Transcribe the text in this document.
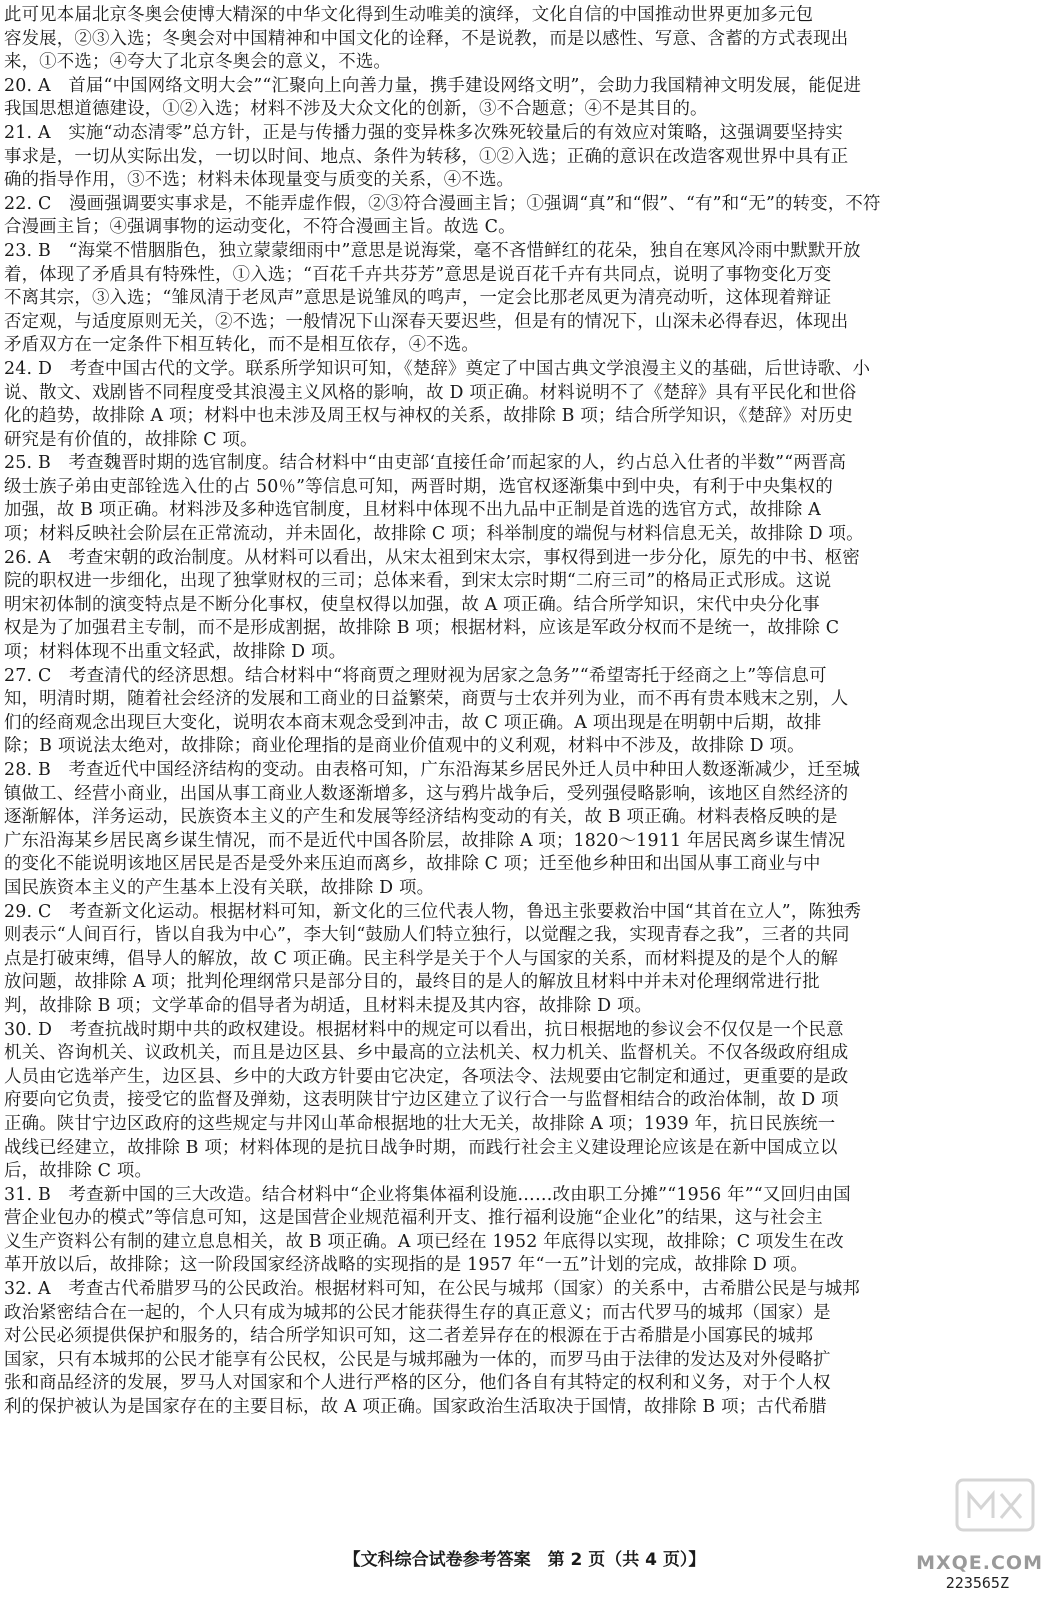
此可见本届北京冬奥会使博大精深的中华文化得到生动唯美的演绎，文化自信的中国推动世界更加多元包
容发展，②③入选；冬奥会对中国精神和中国文化的诠释，不是说教，而是以感性、写意、含蓄的方式表现出
来，①不选；④夸大了北京冬奥会的意义，不选。
20. A　首届“中国网络文明大会”“汇聚向上向善力量，携手建设网络文明”，会助力我国精神文明发展，能促进
我国思想道德建设，①②入选；材料不涉及大众文化的创新，③不合题意；④不是其目的。
21. A　实施“动态清零”总方针，正是与传播力强的变异株多次殊死较量后的有效应对策略，这强调要坚持实
事求是，一切从实际出发，一切以时间、地点、条件为转移，①②入选；正确的意识在改造客观世界中具有正
确的指导作用，③不选；材料未体现量变与质变的关系，④不选。
22. C　漫画强调要实事求是，不能弄虚作假，②③符合漫画主旨；①强调“真”和“假”、“有”和“无”的转变，不符
合漫画主旨；④强调事物的运动变化，不符合漫画主旨。故选 C。
23. B　“海棠不惜胭脂色，独立蒙蒙细雨中”意思是说海棠，毫不吝惜鲜红的花朵，独自在寒风冷雨中默默开放
着，体现了矛盾具有特殊性，①入选；“百花千卉共芬芳”意思是说百花千卉有共同点，说明了事物变化万变
不离其宗，③入选；“雏凤清于老凤声”意思是说雏凤的鸣声，一定会比那老凤更为清亮动听，这体现着辩证
否定观，与适度原则无关，②不选；一般情况下山深春天要迟些，但是有的情况下，山深未必得春迟，体现出
矛盾双方在一定条件下相互转化，而不是相互依存，④不选。
24. D　考查中国古代的文学。联系所学知识可知，《楚辞》奠定了中国古典文学浪漫主义的基础，后世诗歌、小
说、散文、戏剧皆不同程度受其浪漫主义风格的影响，故 D 项正确。材料说明不了《楚辞》具有平民化和世俗
化的趋势，故排除 A 项；材料中也未涉及周王权与神权的关系，故排除 B 项；结合所学知识，《楚辞》对历史
研究是有价值的，故排除 C 项。
25. B　考查魏晋时期的选官制度。结合材料中“由吏部‘直接任命’而起家的人，约占总入仕者的半数”“两晋高
级士族子弟由吏部铨选入仕的占 50％”等信息可知，两晋时期，选官权逐渐集中到中央，有利于中央集权的
加强，故 B 项正确。材料涉及多种选官制度，且材料中体现不出九品中正制是首选的选官方式，故排除 A
项；材料反映社会阶层在正常流动，并未固化，故排除 C 项；科举制度的端倪与材料信息无关，故排除 D 项。
26. A　考查宋朝的政治制度。从材料可以看出，从宋太祖到宋太宗，事权得到进一步分化，原先的中书、枢密
院的职权进一步细化，出现了独掌财权的三司；总体来看，到宋太宗时期“二府三司”的格局正式形成。这说
明宋初体制的演变特点是不断分化事权，使皇权得以加强，故 A 项正确。结合所学知识，宋代中央分化事
权是为了加强君主专制，而不是形成割据，故排除 B 项；根据材料，应该是军政分权而不是统一，故排除 C
项；材料体现不出重文轻武，故排除 D 项。
27. C　考查清代的经济思想。结合材料中“将商贾之理财视为居家之急务”“希望寄托于经商之上”等信息可
知，明清时期，随着社会经济的发展和工商业的日益繁荣，商贾与士农并列为业，而不再有贵本贱末之别，人
们的经商观念出现巨大变化，说明农本商末观念受到冲击，故 C 项正确。A 项出现是在明朝中后期，故排
除；B 项说法太绝对，故排除；商业伦理指的是商业价值观中的义利观，材料中不涉及，故排除 D 项。
28. B　考查近代中国经济结构的变动。由表格可知，广东沿海某乡居民外迁人员中种田人数逐渐减少，迁至城
镇做工、经营小商业，出国从事工商业人数逐渐增多，这与鸦片战争后，受列强侵略影响，该地区自然经济的
逐渐解体，洋务运动，民族资本主义的产生和发展等经济结构变动的有关，故 B 项正确。材料表格反映的是
广东沿海某乡居民离乡谋生情况，而不是近代中国各阶层，故排除 A 项；1820～1911 年居民离乡谋生情况
的变化不能说明该地区居民是否是受外来压迫而离乡，故排除 C 项；迁至他乡种田和出国从事工商业与中
国民族资本主义的产生基本上没有关联，故排除 D 项。
29. C　考查新文化运动。根据材料可知，新文化的三位代表人物，鲁迅主张要救治中国“其首在立人”，陈独秀
则表示“人间百行，皆以自我为中心”，李大钊“鼓励人们特立独行，以觉醒之我，实现青春之我”，三者的共同
点是打破束缚，倡导人的解放，故 C 项正确。民主科学是关于个人与国家的关系，而材料提及的是个人的解
放问题，故排除 A 项；批判伦理纲常只是部分目的，最终目的是人的解放且材料中并未对伦理纲常进行批
判，故排除 B 项；文学革命的倡导者为胡适，且材料未提及其内容，故排除 D 项。
30. D　考查抗战时期中共的政权建设。根据材料中的规定可以看出，抗日根据地的参议会不仅仅是一个民意
机关、咨询机关、议政机关，而且是边区县、乡中最高的立法机关、权力机关、监督机关。不仅各级政府组成
人员由它选举产生，边区县、乡中的大政方针要由它决定，各项法令、法规要由它制定和通过，更重要的是政
府要向它负责，接受它的监督及弹劾，这表明陕甘宁边区建立了议行合一与监督相结合的政治体制，故 D 项
正确。陕甘宁边区政府的这些规定与井冈山革命根据地的壮大无关，故排除 A 项；1939 年，抗日民族统一
战线已经建立，故排除 B 项；材料体现的是抗日战争时期，而践行社会主义建设理论应该是在新中国成立以
后，故排除 C 项。
31. B　考查新中国的三大改造。结合材料中“企业将集体福利设施……改由职工分摊”“1956 年”“又回归由国
营企业包办的模式”等信息可知，这是国营企业规范福利开支、推行福利设施“企业化”的结果，这与社会主
义生产资料公有制的建立息息相关，故 B 项正确。A 项已经在 1952 年底得以实现，故排除；C 项发生在改
革开放以后，故排除；这一阶段国家经济战略的实现指的是 1957 年“一五”计划的完成，故排除 D 项。
32. A　考查古代希腊罗马的公民政治。根据材料可知，在公民与城邦（国家）的关系中，古希腊公民是与城邦
政治紧密结合在一起的，个人只有成为城邦的公民才能获得生存的真正意义；而古代罗马的城邦（国家）是
对公民必须提供保护和服务的，结合所学知识可知，这二者差异存在的根源在于古希腊是小国寡民的城邦
国家，只有本城邦的公民才能享有公民权，公民是与城邦融为一体的，而罗马由于法律的发达及对外侵略扩
张和商品经济的发展，罗马人对国家和个人进行严格的区分，他们各自有其特定的权利和义务，对于个人权
利的保护被认为是国家存在的主要目标，故 A 项正确。国家政治生活取决于国情，故排除 B 项；古代希腊
【文科综合试卷参考答案　第 2 页（共 4 页）】
223565Z
MXQE.COM
